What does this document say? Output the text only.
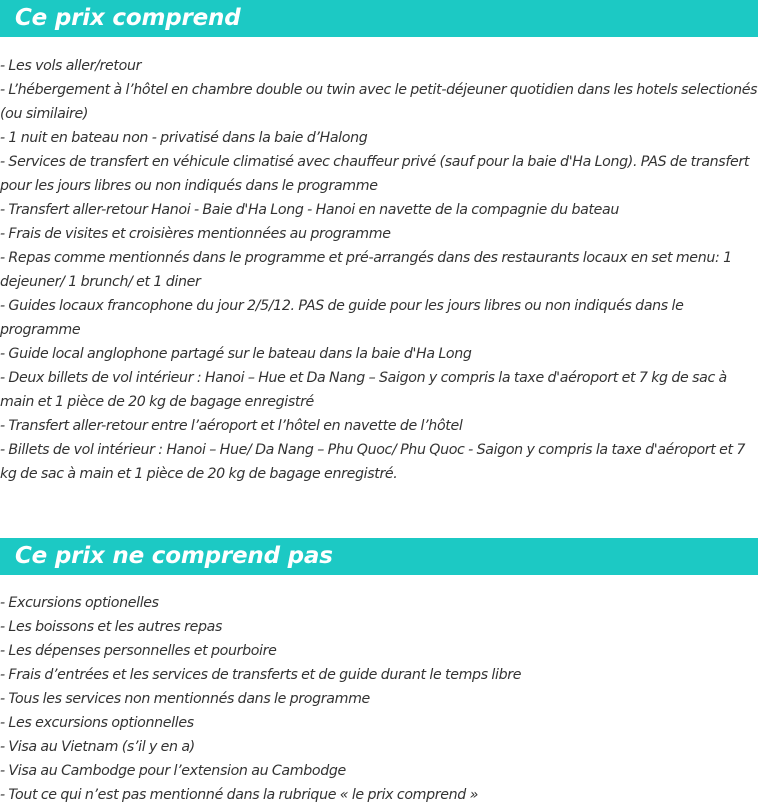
Ce prix comprend
- Les vols aller/retour
- L’hébergement à l’hôtel en chambre double ou twin avec le petit-déjeuner quotidien dans les hotels selectionés (ou similaire)
- 1 nuit en bateau non - privatisé dans la baie d’Halong
- Services de transfert en véhicule climatisé avec chauffeur privé (sauf pour la baie d'Ha Long). PAS de transfert pour les jours libres ou non indiqués dans le programme
- Transfert aller-retour Hanoi - Baie d'Ha Long - Hanoi en navette de la compagnie du bateau
- Frais de visites et croisières mentionnées au programme
- Repas comme mentionnés dans le programme et pré-arrangés dans des restaurants locaux en set menu: 1 dejeuner/ 1 brunch/ et 1 diner
- Guides locaux francophone du jour 2/5/12. PAS de guide pour les jours libres ou non indiqués dans le programme
- Guide local anglophone partagé sur le bateau dans la baie d'Ha Long
- Deux billets de vol intérieur : Hanoi – Hue et Da Nang – Saigon y compris la taxe d'aéroport et 7 kg de sac à main et 1 pièce de 20 kg de bagage enregistré
- Transfert aller-retour entre l’aéroport et l’hôtel en navette de l’hôtel
- Billets de vol intérieur : Hanoi – Hue/ Da Nang – Phu Quoc/ Phu Quoc - Saigon y compris la taxe d'aéroport et 7 kg de sac à main et 1 pièce de 20 kg de bagage enregistré.
Ce prix ne comprend pas
- Excursions optionelles
- Les boissons et les autres repas
- Les dépenses personnelles et pourboire
- Frais d’entrées et les services de transferts et de guide durant le temps libre
- Tous les services non mentionnés dans le programme
- Les excursions optionnelles
- Visa au Vietnam (s’il y en a)
- Visa au Cambodge pour l’extension au Cambodge
- Tout ce qui n’est pas mentionné dans la rubrique « le prix comprend »
